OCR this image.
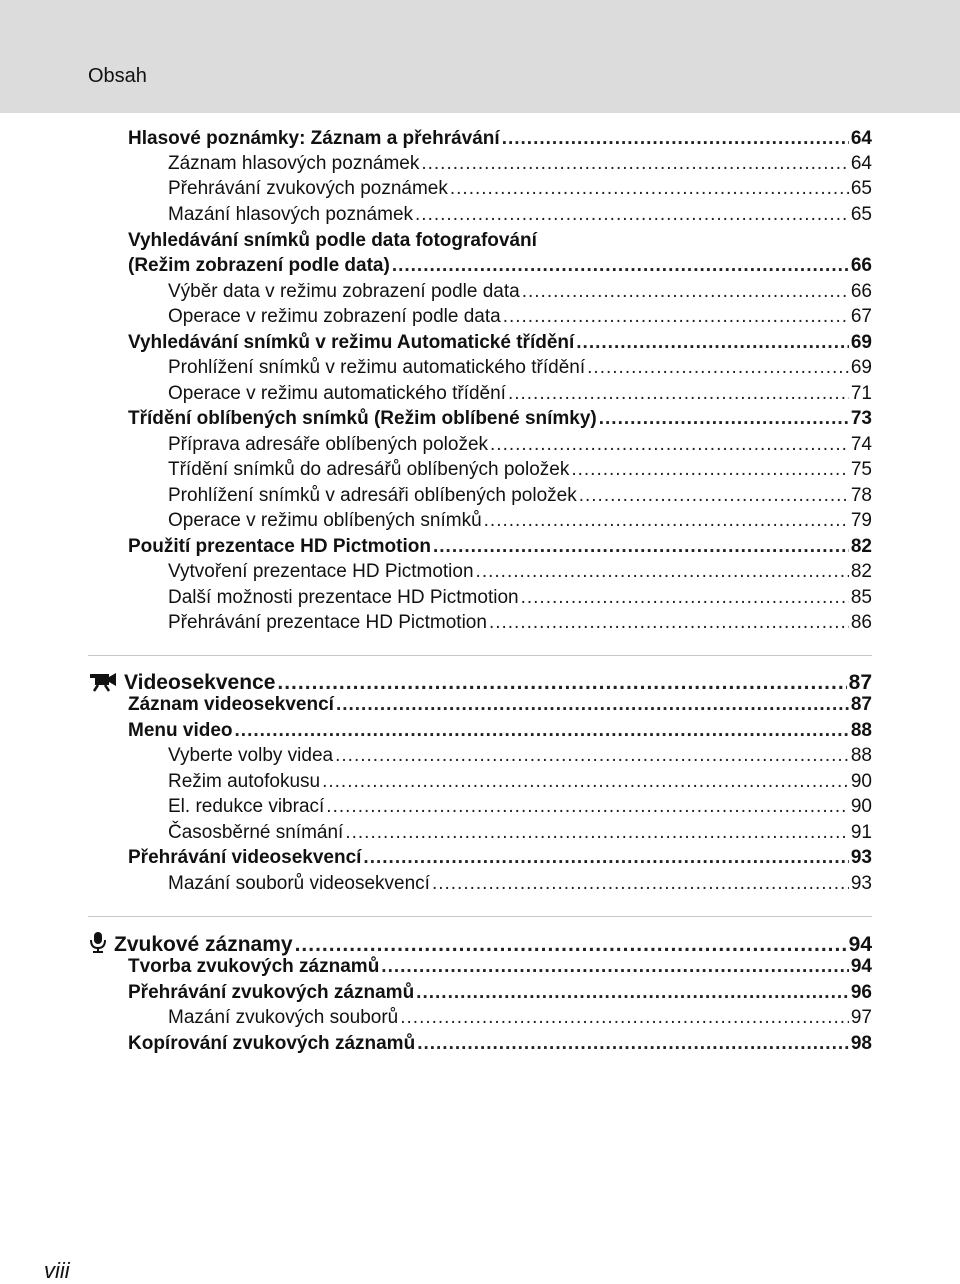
Obsah
Hlasové poznámky: Záznam a přehrávání .....	64
Záznam hlasových poznámek .....	64
Přehrávání zvukových poznámek .....	65
Mazání hlasových poznámek .....	65
Vyhledávání snímků podle data fotografování
(Režim zobrazení podle data) .....	66
Výběr data v režimu zobrazení podle data .....	66
Operace v režimu zobrazení podle data .....	67
Vyhledávání snímků v režimu Automatické třídění .....	69
Prohlížení snímků v režimu automatického třídění .....	69
Operace v režimu automatického třídění .....	71
Třídění oblíbených snímků (Režim oblíbené snímky) .....	73
Příprava adresáře oblíbených položek .....	74
Třídění snímků do adresářů oblíbených položek .....	75
Prohlížení snímků v adresáři oblíbených položek .....	78
Operace v režimu oblíbených snímků .....	79
Použití prezentace HD Pictmotion .....	82
Vytvoření prezentace HD Pictmotion .....	82
Další možnosti prezentace HD Pictmotion .....	85
Přehrávání prezentace HD Pictmotion .....	86
Videosekvence .....	87
Záznam videosekvencí .....	87
Menu video .....	88
Vyberte volby videa .....	88
Režim autofokusu .....	90
El. redukce vibrací .....	90
Časosběrné snímání .....	91
Přehrávání videosekvencí .....	93
Mazání souborů videosekvencí .....	93
Zvukové záznamy .....	94
Tvorba zvukových záznamů .....	94
Přehrávání zvukových záznamů .....	96
Mazání zvukových souborů .....	97
Kopírování zvukových záznamů .....	98
viii
